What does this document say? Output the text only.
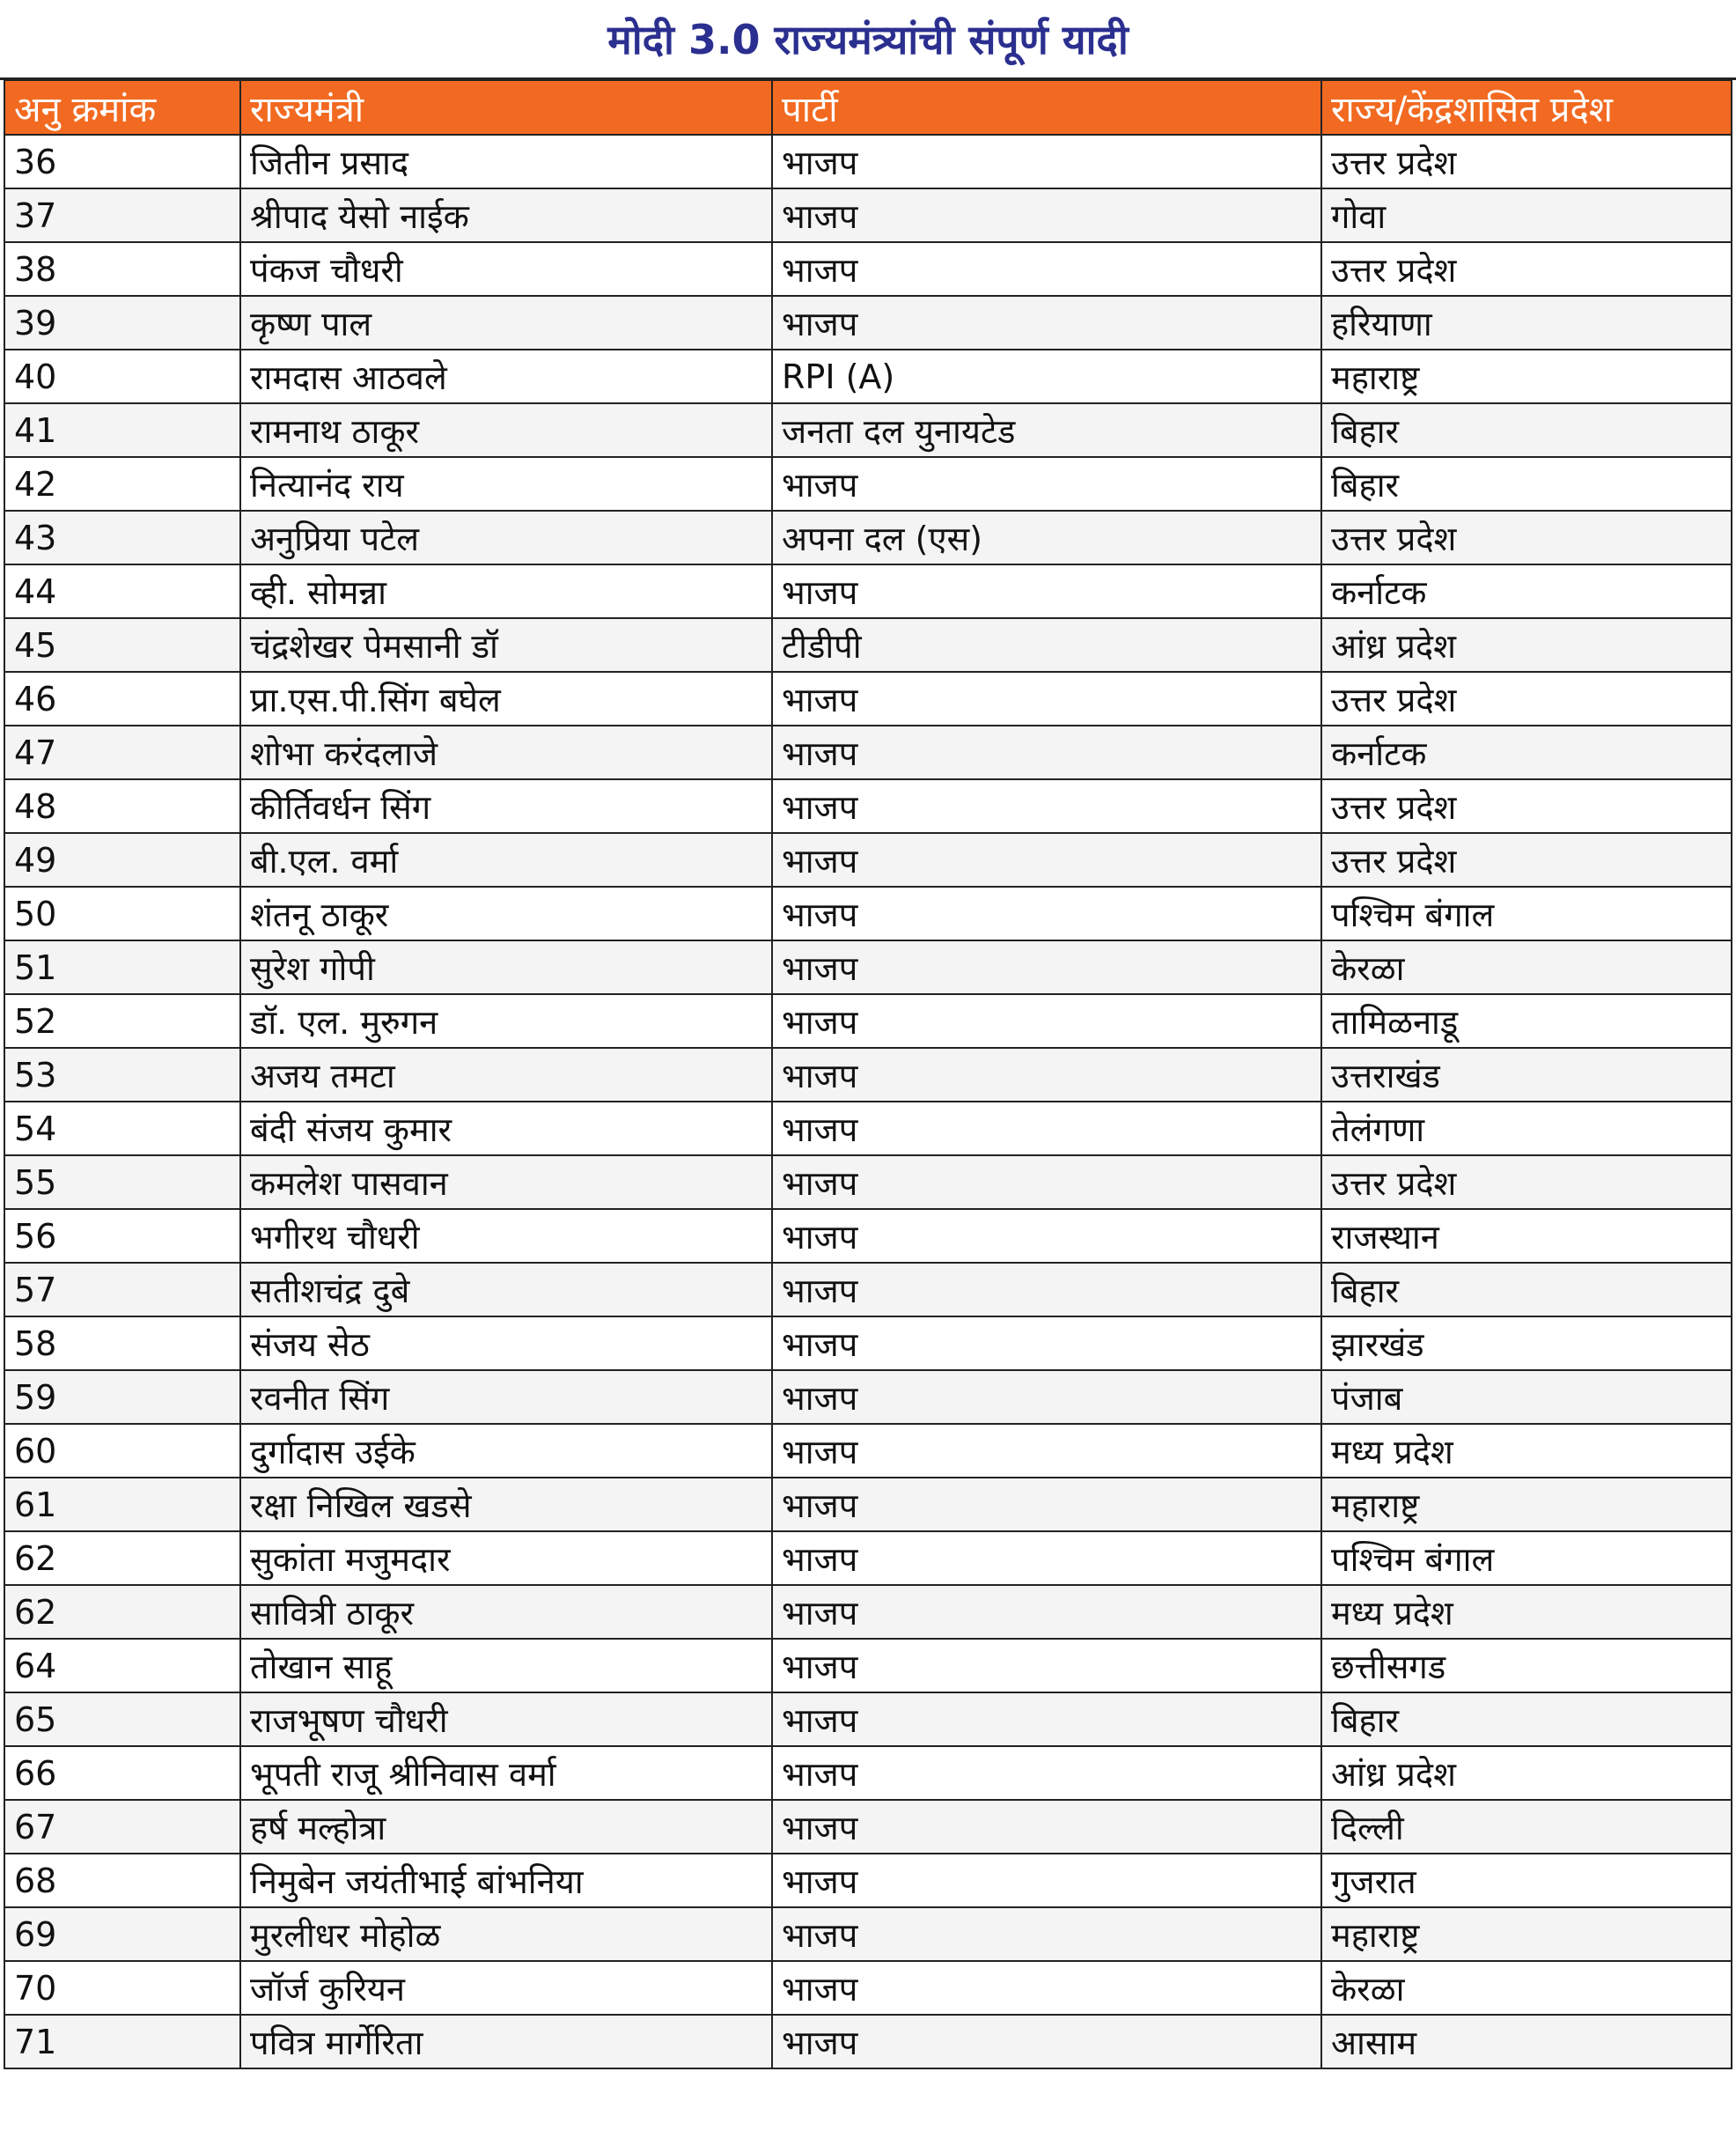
मोदी 3.0 राज्यमंत्र्यांची संपूर्ण यादी
अनु क्रमांक	राज्यमंत्री	पार्टी	राज्य/केंद्रशासित प्रदेश
36	जितीन प्रसाद	भाजप	उत्तर प्रदेश
37	श्रीपाद येसो नाईक	भाजप	गोवा
38	पंकज चौधरी	भाजप	उत्तर प्रदेश
39	कृष्ण पाल	भाजप	हरियाणा
40	रामदास आठवले	RPI (A)	महाराष्ट्र
41	रामनाथ ठाकूर	जनता दल युनायटेड	बिहार
42	नित्यानंद राय	भाजप	बिहार
43	अनुप्रिया पटेल	अपना दल (एस)	उत्तर प्रदेश
44	व्ही. सोमन्ना	भाजप	कर्नाटक
45	चंद्रशेखर पेमसानी डॉ	टीडीपी	आंध्र प्रदेश
46	प्रा.एस.पी.सिंग बघेल	भाजप	उत्तर प्रदेश
47	शोभा करंदलाजे	भाजप	कर्नाटक
48	कीर्तिवर्धन सिंग	भाजप	उत्तर प्रदेश
49	बी.एल. वर्मा	भाजप	उत्तर प्रदेश
50	शंतनू ठाकूर	भाजप	पश्चिम बंगाल
51	सुरेश गोपी	भाजप	केरळा
52	डॉ. एल. मुरुगन	भाजप	तामिळनाडू
53	अजय तमटा	भाजप	उत्तराखंड
54	बंदी संजय कुमार	भाजप	तेलंगणा
55	कमलेश पासवान	भाजप	उत्तर प्रदेश
56	भगीरथ चौधरी	भाजप	राजस्थान
57	सतीशचंद्र दुबे	भाजप	बिहार
58	संजय सेठ	भाजप	झारखंड
59	रवनीत सिंग	भाजप	पंजाब
60	दुर्गादास उईके	भाजप	मध्य प्रदेश
61	रक्षा निखिल खडसे	भाजप	महाराष्ट्र
62	सुकांता मजुमदार	भाजप	पश्चिम बंगाल
62	सावित्री ठाकूर	भाजप	मध्य प्रदेश
64	तोखान साहू	भाजप	छत्तीसगड
65	राजभूषण चौधरी	भाजप	बिहार
66	भूपती राजू श्रीनिवास वर्मा	भाजप	आंध्र प्रदेश
67	हर्ष मल्होत्रा	भाजप	दिल्ली
68	निमुबेन जयंतीभाई बांभनिया	भाजप	गुजरात
69	मुरलीधर मोहोळ	भाजप	महाराष्ट्र
70	जॉर्ज कुरियन	भाजप	केरळा
71	पवित्र मार्गेरिता	भाजप	आसाम
